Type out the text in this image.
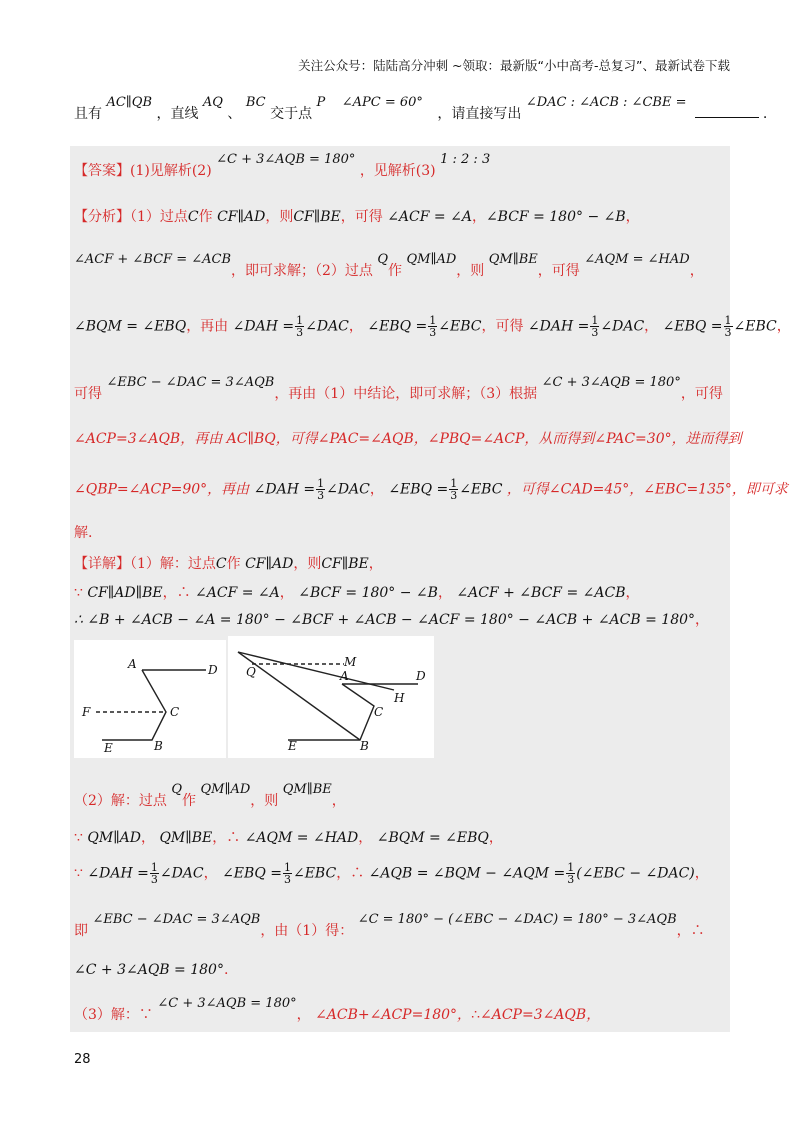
关注公众号：陆陆高分冲刺 ~领取：最新版“小中高考-总复习”、最新试卷下载
且有 AC∥QB ，直线 AQ 、 BC 交于点 P ∠APC = 60° ，请直接写出 ∠DAC : ∠ACB : ∠CBE = .
【答案】(1)见解析(2) ∠C + 3∠AQB = 180° ，见解析(3) 1 : 2 : 3
【分析】（1）过点C作 CF∥AD，则CF∥BE，可得 ∠ACF = ∠A，∠BCF = 180° − ∠B，
∠ACF + ∠BCF = ∠ACB，即可求解；（2）过点 Q作 QM∥AD，则 QM∥BE，可得 ∠AQM = ∠HAD，
∠BQM = ∠EBQ，再由 ∠DAH = $\frac{1}{3}$ ∠DAC， ∠EBQ = $\frac{1}{3}$ ∠EBC，可得 ∠DAH = $\frac{1}{3}$ ∠DAC， ∠EBQ = $\frac{1}{3}$ ∠EBC，
可得 ∠EBC − ∠DAC = 3∠AQB，再由（1）中结论，即可求解；（3）根据 ∠C + 3∠AQB = 180°，可得
∠ACP=3∠AQB，再由 AC∥BQ，可得∠PAC=∠AQB，∠PBQ=∠ACP，从而得到∠PAC=30°，进而得到
∠QBP=∠ACP=90°，再由 ∠DAH = $\frac{1}{3}$ ∠DAC， ∠EBQ = $\frac{1}{3}$ ∠EBC ，可得∠CAD=45°，∠EBC=135°，即可求
解.
【详解】（1）解：过点C作 CF∥AD，则CF∥BE，
∵ CF∥AD∥BE，∴ ∠ACF = ∠A， ∠BCF = 180° − ∠B， ∠ACF + ∠BCF = ∠ACB，
∴ ∠B + ∠ACB − ∠A = 180° − ∠BCF + ∠ACB − ∠ACF = 180° − ∠ACB + ∠ACB = 180°，
A	D
F	C
E	B
M
Q	A	D
H
C
E	B
（2）解：过点 Q作 QM∥AD，则 QM∥BE，
∵ QM∥AD， QM∥BE，∴ ∠AQM = ∠HAD， ∠BQM = ∠EBQ，
∵ ∠DAH = $\frac{1}{3}$ ∠DAC， ∠EBQ = $\frac{1}{3}$ ∠EBC，∴ ∠AQB = ∠BQM − ∠AQM = $\frac{1}{3}$ (∠EBC − ∠DAC)，
即 ∠EBC − ∠DAC = 3∠AQB，由（1）得： ∠C = 180° − (∠EBC − ∠DAC) = 180° − 3∠AQB，∴
∠C + 3∠AQB = 180°.
（3）解：∵ ∠C + 3∠AQB = 180°， ∠ACB+∠ACP=180°，∴∠ACP=3∠AQB，
28
